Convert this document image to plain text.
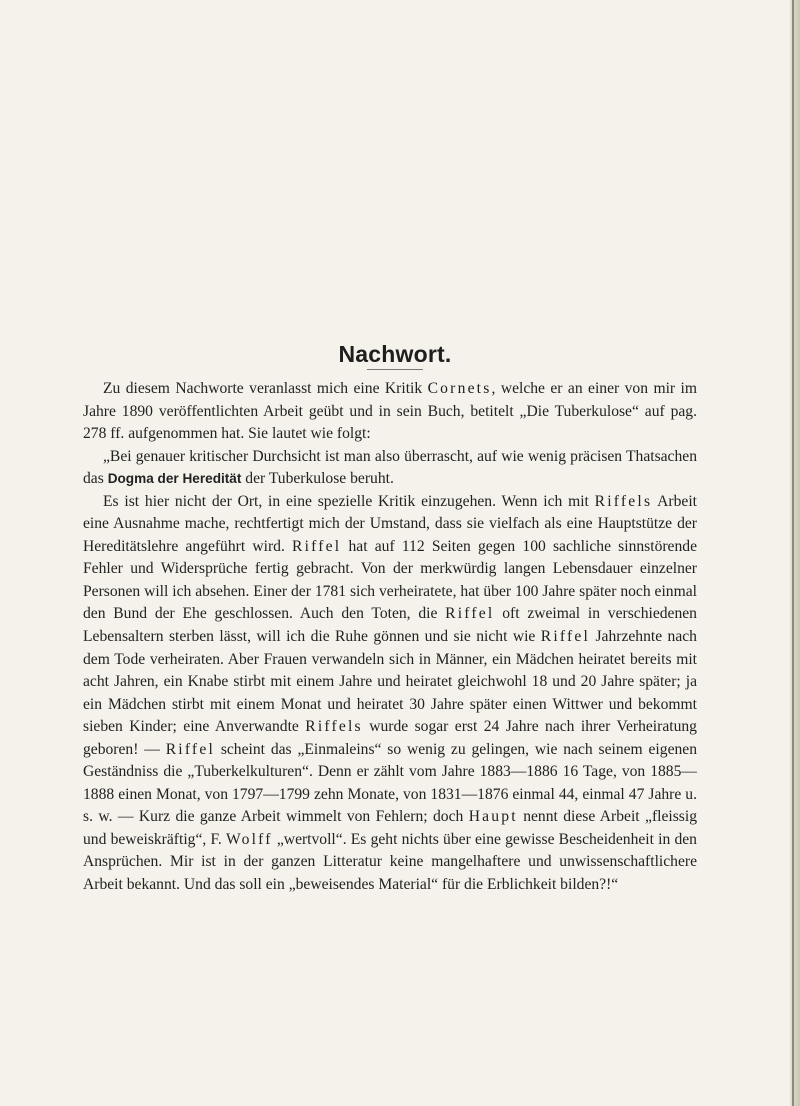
Nachwort.

Zu diesem Nachworte veranlasst mich eine Kritik Cornets, welche er an einer von mir im Jahre 1890 veröffentlichten Arbeit geübt und in sein Buch, betitelt „Die Tuberkulose“ auf pag. 278 ff. aufgenommen hat. Sie lautet wie folgt:

„Bei genauer kritischer Durchsicht ist man also überrascht, auf wie wenig präcisen Thatsachen das Dogma der Heredität der Tuberkulose beruht.

Es ist hier nicht der Ort, in eine spezielle Kritik einzugehen. Wenn ich mit Riffels Arbeit eine Ausnahme mache, rechtfertigt mich der Umstand, dass sie vielfach als eine Hauptstütze der Hereditätslehre angeführt wird. Riffel hat auf 112 Seiten gegen 100 sachliche sinnstörende Fehler und Widersprüche fertig gebracht. Von der merkwürdig langen Lebensdauer einzelner Personen will ich absehen. Einer der 1781 sich verheiratete, hat über 100 Jahre später noch einmal den Bund der Ehe geschlossen. Auch den Toten, die Riffel oft zweimal in verschiedenen Lebensaltern sterben lässt, will ich die Ruhe gönnen und sie nicht wie Riffel Jahrzehnte nach dem Tode verheiraten. Aber Frauen verwandeln sich in Männer, ein Mädchen heiratet bereits mit acht Jahren, ein Knabe stirbt mit einem Jahre und heiratet gleichwohl 18 und 20 Jahre später; ja ein Mädchen stirbt mit einem Monat und heiratet 30 Jahre später einen Wittwer und bekommt sieben Kinder; eine Anverwandte Riffels wurde sogar erst 24 Jahre nach ihrer Verheiratung geboren! — Riffel scheint das „Einmaleins“ so wenig zu gelingen, wie nach seinem eigenen Geständniss die „Tuberkelkulturen“. Denn er zählt vom Jahre 1883—1886 16 Tage, von 1885—1888 einen Monat, von 1797—1799 zehn Monate, von 1831—1876 einmal 44, einmal 47 Jahre u. s. w. — Kurz die ganze Arbeit wimmelt von Fehlern; doch Haupt nennt diese Arbeit „fleissig und beweiskräftig“, F. Wolff „wertvoll“. Es geht nichts über eine gewisse Bescheidenheit in den Ansprüchen. Mir ist in der ganzen Litteratur keine mangelhaftere und unwissenschaftlichere Arbeit bekannt. Und das soll ein „beweisendes Material“ für die Erblichkeit bilden?!“
